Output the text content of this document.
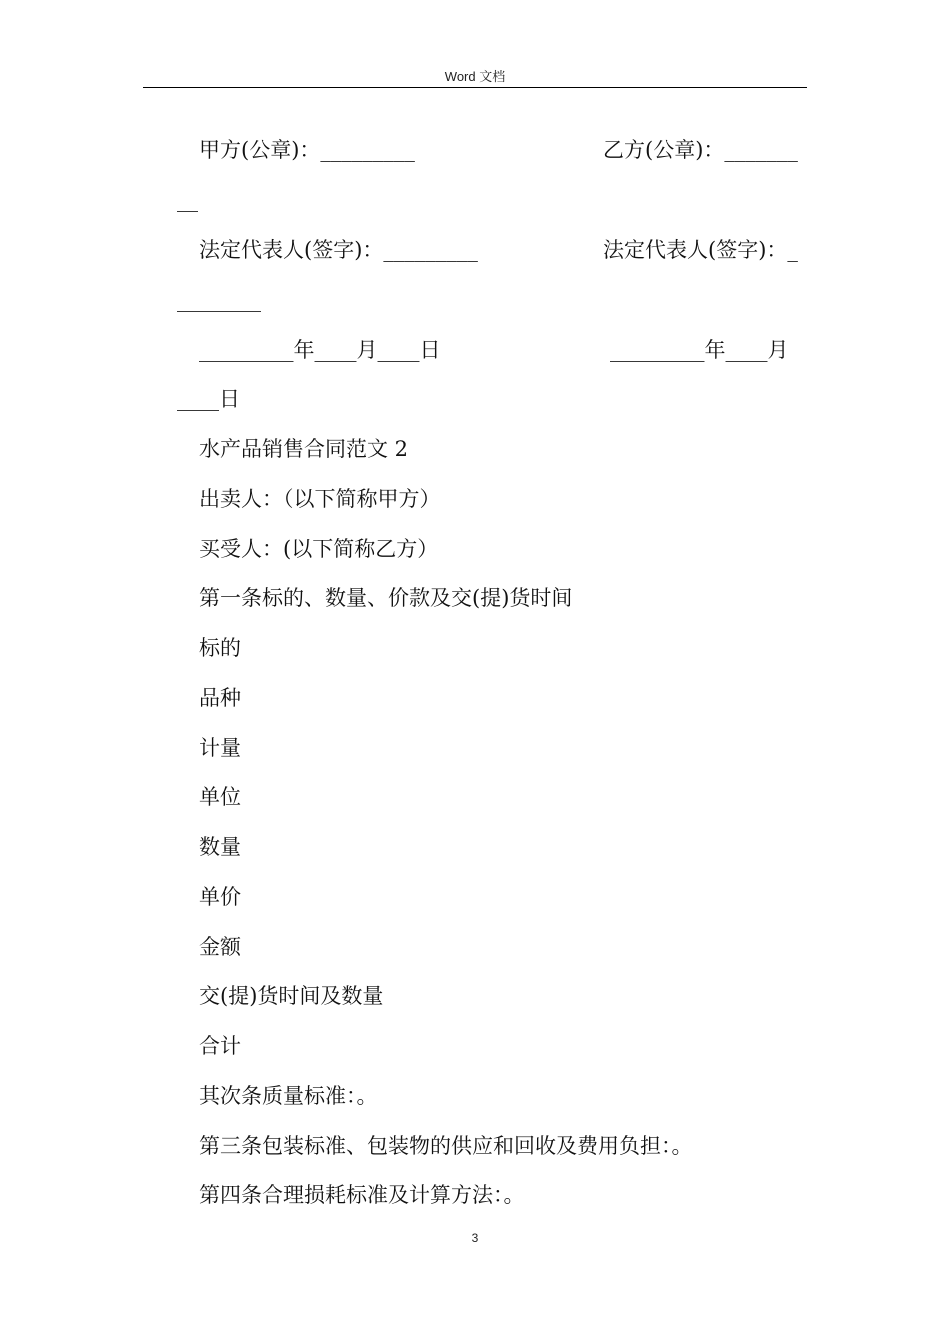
Word 文档
甲方(公章)：_________	乙方(公章)：_______
__
法定代表人(签字)：_________	法定代表人(签字)：_
________
_________年____月____日	_________年____月
____日
水产品销售合同范文 2
出卖人：（以下简称甲方）
买受人：(以下简称乙方）
第一条标的、数量、价款及交(提)货时间
标的
品种
计量
单位
数量
单价
金额
交(提)货时间及数量
合计
其次条质量标准：。
第三条包装标准、包装物的供应和回收及费用负担：。
第四条合理损耗标准及计算方法：。
3
